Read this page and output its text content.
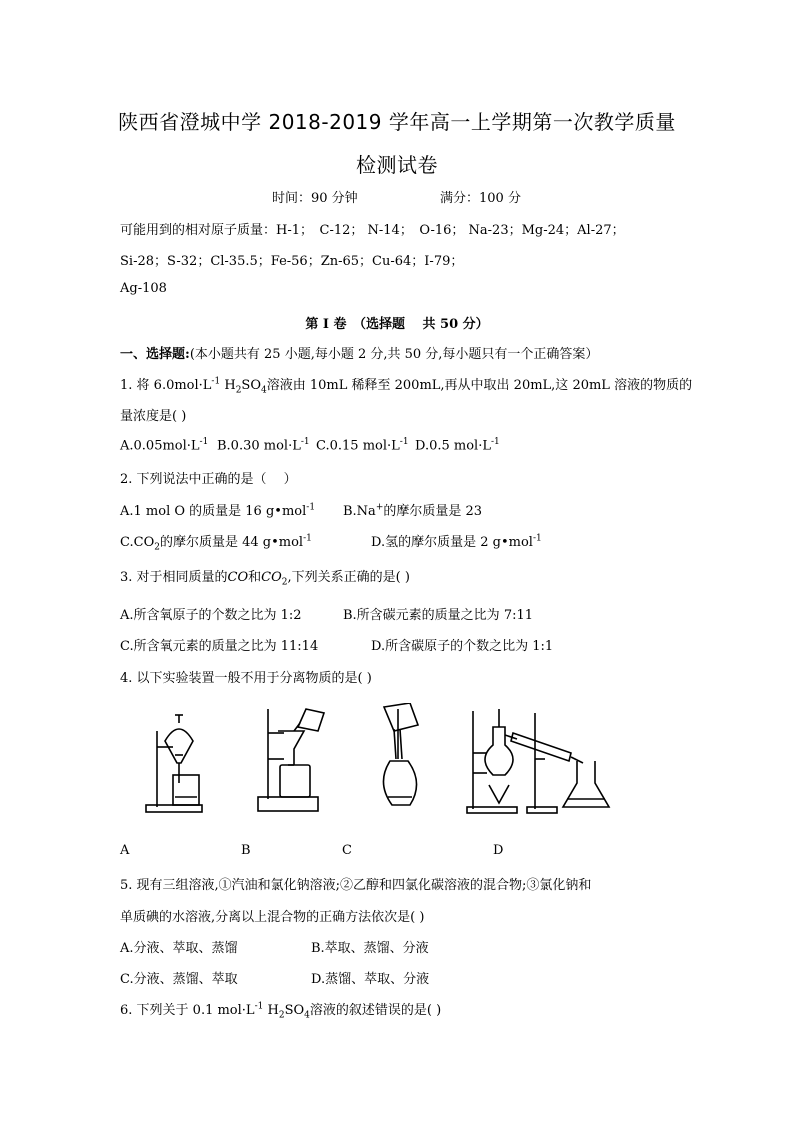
陕西省澄城中学 2018-2019 学年高一上学期第一次教学质量
检测试卷
时间：90 分钟	满分：100 分
可能用到的相对原子质量：H-1；　C-12； N-14；　O-16； Na-23；Mg-24；Al-27；
Si-28；S-32；Cl-35.5；Fe-56；Zn-65；Cu-64；I-79；
Ag-108
第 I 卷　（选择题　 共 50 分）
一、选择题:(本小题共有 25 小题,每小题 2 分,共 50 分,每小题只有一个正确答案）
1. 将 $6.0mol\cdot L^{-1}$ $H_2SO_4$溶液由 10mL 稀释至 200mL,再从中取出 20mL,这 20mL 溶液的物质的
量浓度是( )
$A.0.05mol\cdot L^{-1}$ B.0.30 $mol\cdot L^{-1}$ C.0.15 $mol\cdot L^{-1}$ D.0.5 $mol\cdot L^{-1}$
2. 下列说法中正确的是（　 ）
A.1 mol O 的质量是 16 g•mol$^{-1}$ B.Na+的摩尔质量是 23
$C.CO_2$的摩尔质量是 44 g•mol$^{-1}$	D.氢的摩尔质量是 2 g•mol$^{-1}$
3. 对于相同质量的CO和$CO_2$,下列关系正确的是( )
A.所含氧原子的个数之比为 1:2	B.所含碳元素的质量之比为 7:11
C.所含氧元素的质量之比为 11:14	D.所含碳原子的个数之比为 1:1
4. 以下实验装置一般不用于分离物质的是( )
A	B	C	D
5. 现有三组溶液,①汽油和氯化钠溶液;②乙醇和四氯化碳溶液的混合物;③氯化钠和
单质碘的水溶液,分离以上混合物的正确方法依次是( )
A.分液、萃取、蒸馏	B.萃取、蒸馏、分液
C.分液、蒸馏、萃取	D.蒸馏、萃取、分液
6. 下列关于 0.1 $mol\cdot L^{-1}$ $H_2SO_4$溶液的叙述错误的是( )
